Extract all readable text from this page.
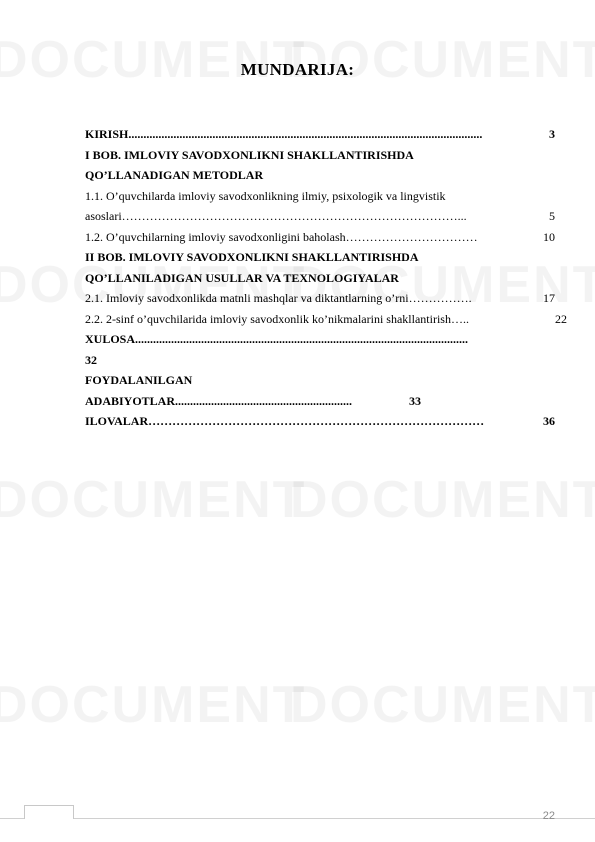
MUNDARIJA:
KIRISH ......................................................................................................................	3
I BOB. IMLOVIY SAVODXONLIKNI SHAKLLANTIRISHDA
QO’LLANADIGAN METODLAR
1.1. O’quvchilarda imloviy savodxonlikning ilmiy, psixologik va lingvistik
asoslari …………………………………………………………………………...	5
1.2. O’quvchilarning imloviy savodxonligini baholash ……………………………	10
II BOB. IMLOVIY SAVODXONLIKNI SHAKLLANTIRISHDA
QO’LLANILADIGAN USULLAR VA TEXNOLOGIYALAR
2.1. Imloviy savodxonlikda matnli mashqlar va diktantlarning o’rni …………….	17
2.2. 2-sinf o’quvchilarida imloviy savodxonlik ko’nikmalarini shakllantirish …..	22
XULOSA ...............................................................................................................
32
FOYDALANILGAN
ADABIYOTLAR ...........................................................	33
ILOVALAR …………………………………………………………………………	36
22
